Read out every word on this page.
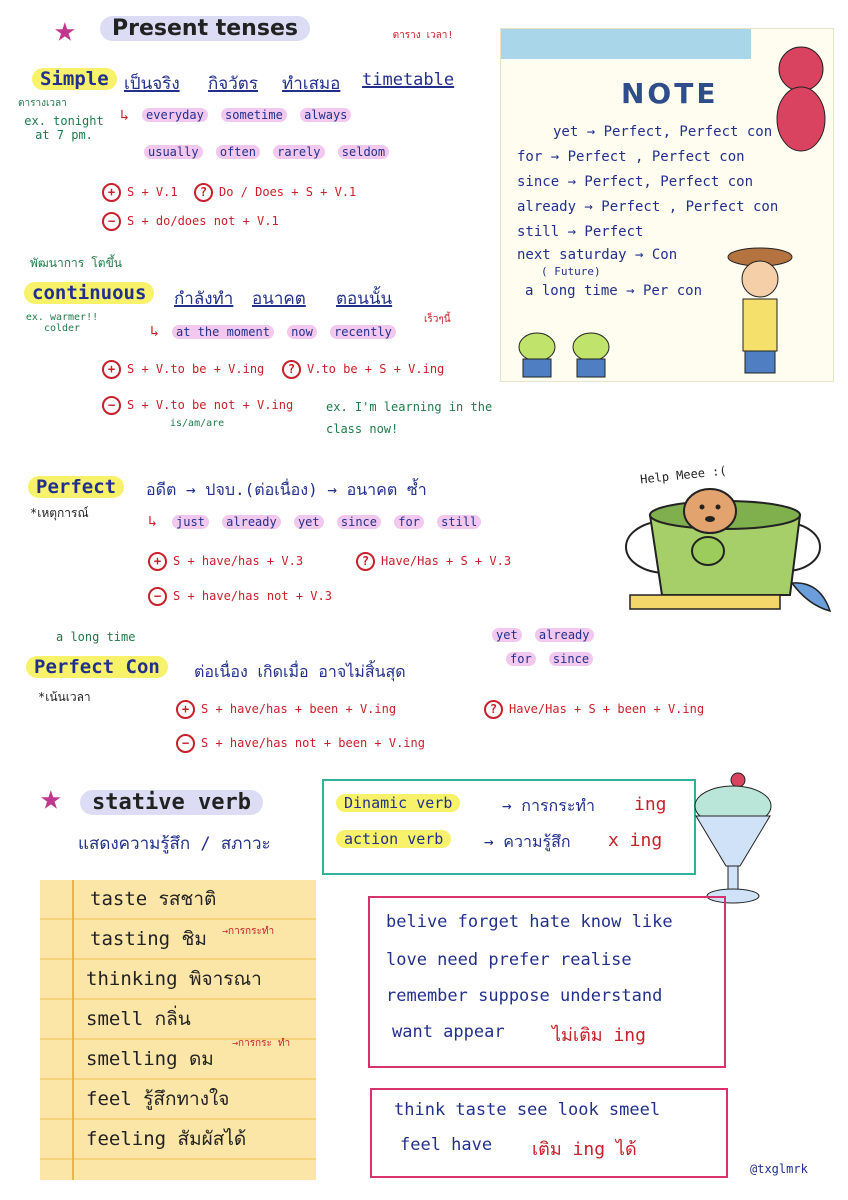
★	Present tenses	ตาราง เวลา!
ตารางเวลา
ex. tonight at 7 pm.
Simple เป็นจริง กิจวัตร ทำเสมอ timetable
↳	everyday sometime always
usually often rarely seldom
+ S + V.1	? Do / Does + S + V.1
− S + do/does not + V.1
พัฒนาการ โตขึ้น
continuous	กำลังทำ อนาคต ตอนนั้น
ex. warmer!! colder	↳	at the moment now recently
เร็วๆนี้
+ S + V.to be + V.ing	? V.to be + S + V.ing
− S + V.to be not + V.ing
is/am/are
ex. I'm learning in the class now!
Perfect	อดีต → ปจบ.(ต่อเนื่อง) → อนาคต ซ้ำ
*เหตุการณ์	↳	just already yet since for still
+ S + have/has + V.3	? Have/Has + S + V.3
− S + have/has not + V.3
Help Meee :(
a long time
Perfect Con	ต่อเนื่อง เกิดเมื่อ อาจไม่สิ้นสุด
*เน้นเวลา
yet already
for since
+ S + have/has + been + V.ing	? Have/Has + S + been + V.ing
− S + have/has not + been + V.ing
NOTE
yet → Perfect, Perfect con
for → Perfect , Perfect con
since → Perfect, Perfect con
already → Perfect , Perfect con
still → Perfect
next saturday → Con
( Future)
a long time → Per con
★	stative verb
แสดงความรู้สึก / สภาวะ
Dinamic verb	→ การกระทำ ing
action verb	→ ความรู้สึก x ing
taste รสชาติ
tasting ชิม
thinking พิจารณา
smell กลิ่น
smelling ดม
feel รู้สึกทางใจ
feeling สัมผัสได้
→การกระทำ
→การกระ ทำ
belive forget hate know like
love need prefer realise
remember suppose understand
want appear	ไม่เติม ing
think taste see look smeel
feel have เติม ing ได้
@txglmrk
